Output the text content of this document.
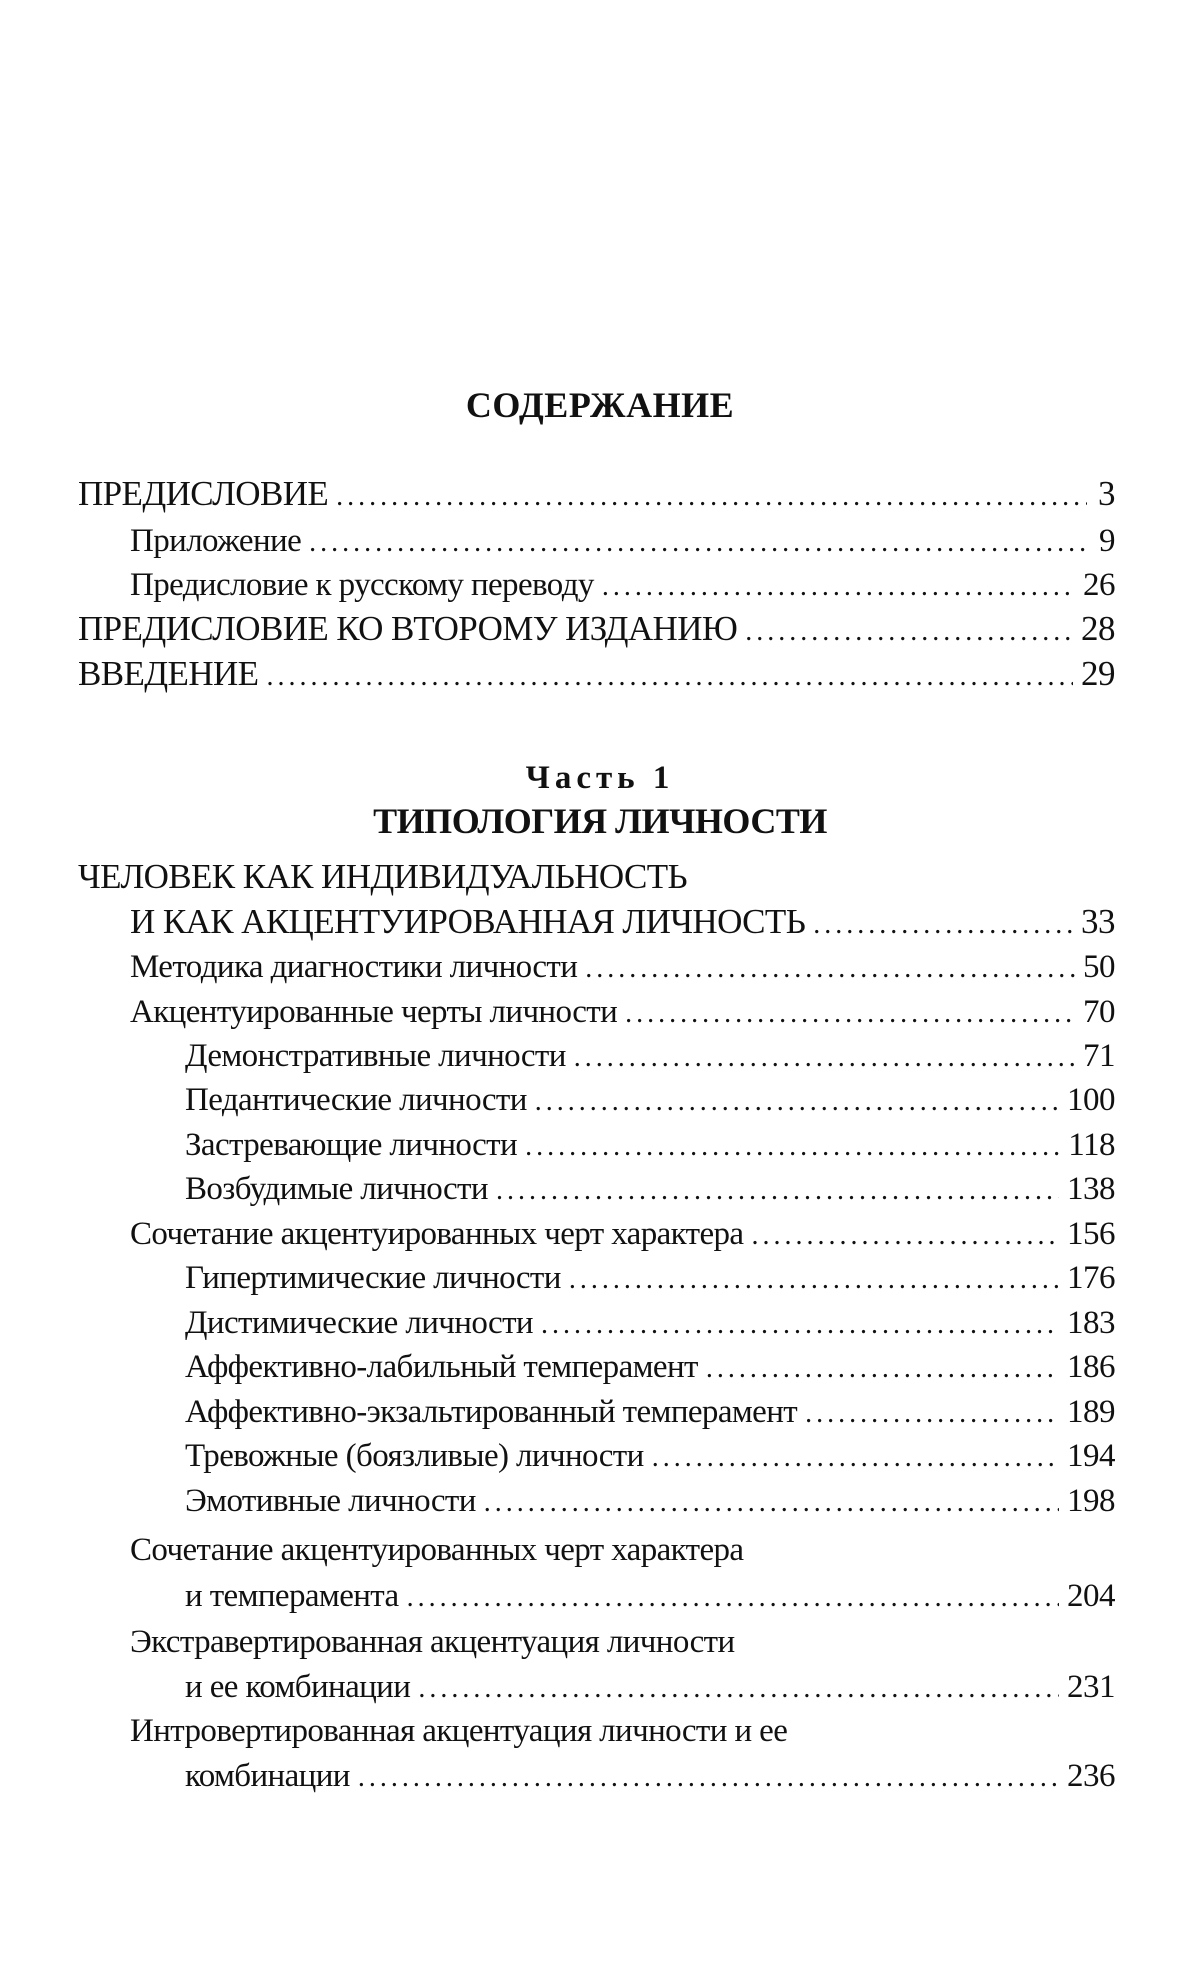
СОДЕРЖАНИЕ
ПРЕДИСЛОВИЕ .....	3
Приложение .....	9
Предисловие к русскому переводу .....	26
ПРЕДИСЛОВИЕ КО ВТОРОМУ ИЗДАНИЮ .....	28
ВВЕДЕНИЕ .....	29
Часть 1
ТИПОЛОГИЯ ЛИЧНОСТИ
ЧЕЛОВЕК КАК ИНДИВИДУАЛЬНОСТЬ
И КАК АКЦЕНТУИРОВАННАЯ ЛИЧНОСТЬ .....	33
Методика диагностики личности .....	50
Акцентуированные черты личности .....	70
Демонстративные личности .....	71
Педантические личности .....	100
Застревающие личности .....	118
Возбудимые личности .....	138
Сочетание акцентуированных черт характера .....	156
Гипертимические личности .....	176
Дистимические личности .....	183
Аффективно-лабильный темперамент .....	186
Аффективно-экзальтированный темперамент .....	189
Тревожные (боязливые) личности .....	194
Эмотивные личности .....	198
Сочетание акцентуированных черт характера
и темперамента .....	204
Экстравертированная акцентуация личности
и ее комбинации .....	231
Интровертированная акцентуация личности и ее
комбинации .....	236
